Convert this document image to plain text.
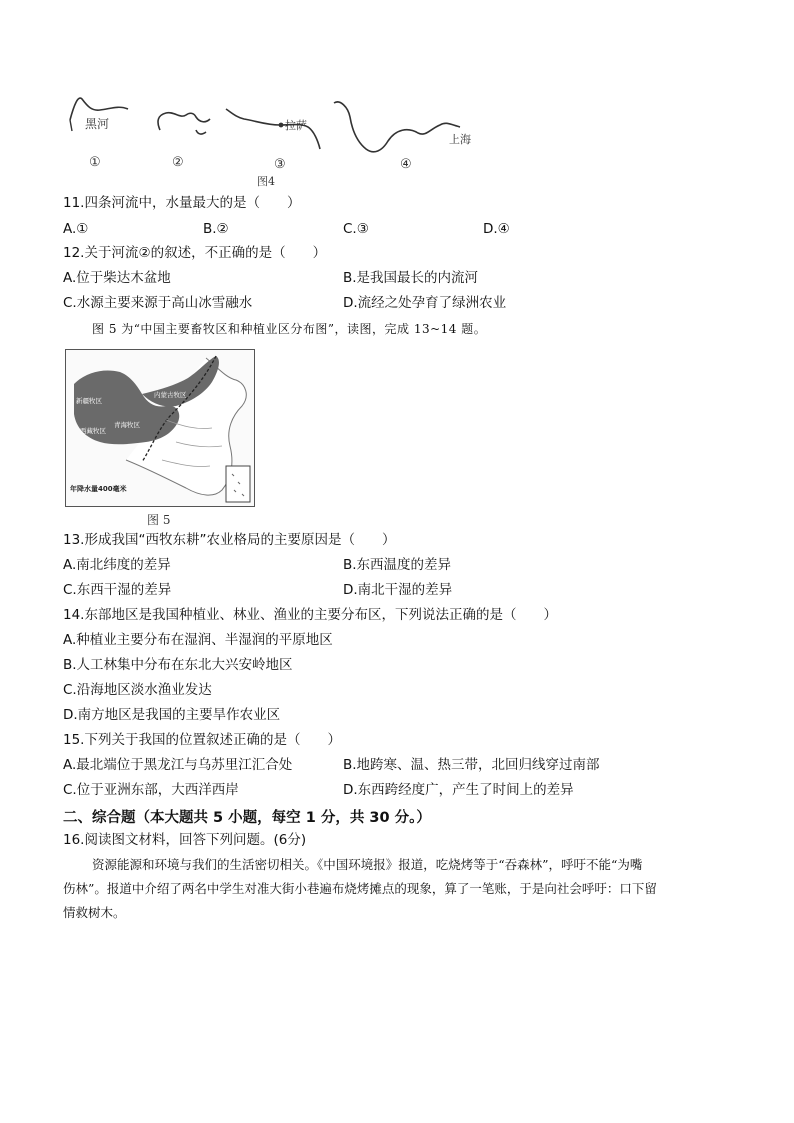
黑河	拉萨
上海
①	②	③	④
图4
11.四条河流中，水量最大的是（　　）
A.①	B.②	C.③	D.④
12.关于河流②的叙述，不正确的是（　　）
A.位于柴达木盆地	B.是我国最长的内流河
C.水源主要来源于高山冰雪融水	D.流经之处孕育了绿洲农业
图 5 为“中国主要畜牧区和种植业区分布图”，读图，完成 13~14 题。
新疆牧区
青海牧区
西藏牧区
内蒙古牧区
年降水量400毫米
图 5
13.形成我国“西牧东耕”农业格局的主要原因是（　　）
A.南北纬度的差异	B.东西温度的差异
C.东西干湿的差异	D.南北干湿的差异
14.东部地区是我国种植业、林业、渔业的主要分布区，下列说法正确的是（　　）
A.种植业主要分布在湿润、半湿润的平原地区
B.人工林集中分布在东北大兴安岭地区
C.沿海地区淡水渔业发达
D.南方地区是我国的主要旱作农业区
15.下列关于我国的位置叙述正确的是（　　）
A.最北端位于黑龙江与乌苏里江汇合处	B.地跨寒、温、热三带，北回归线穿过南部
C.位于亚洲东部，大西洋西岸	D.东西跨经度广，产生了时间上的差异
二、综合题（本大题共 5 小题，每空 1 分，共 30 分。）
16.阅读图文材料，回答下列问题。(6分)
资源能源和环境与我们的生活密切相关。《中国环境报》报道，吃烧烤等于“吞森林”，呼吁不能“为嘴
伤林”。报道中介绍了两名中学生对准大街小巷遍布烧烤摊点的现象，算了一笔账，于是向社会呼吁：口下留
情救树木。
